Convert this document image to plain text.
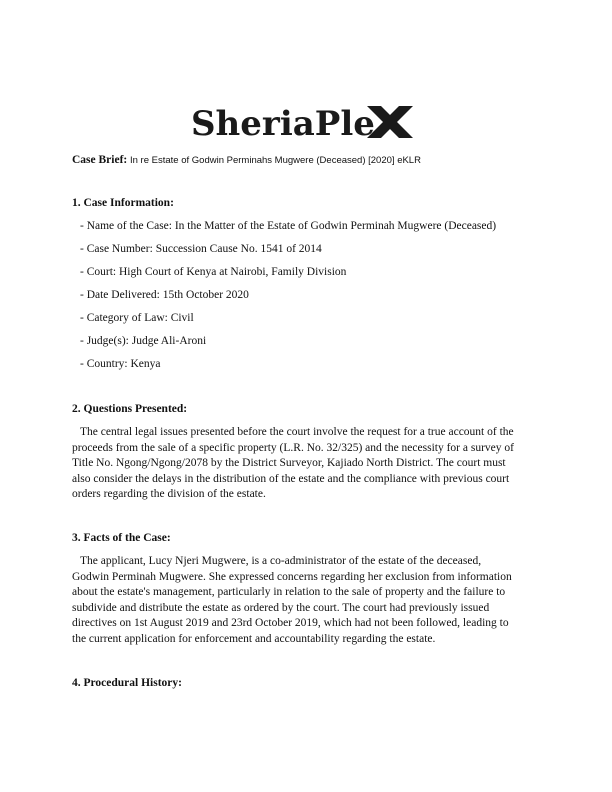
SheriaPle
Case Brief: In re Estate of Godwin Perminahs Mugwere (Deceased) [2020] eKLR
1. Case Information:
- Name of the Case: In the Matter of the Estate of Godwin Perminah Mugwere (Deceased)
- Case Number: Succession Cause No. 1541 of 2014
- Court: High Court of Kenya at Nairobi, Family Division
- Date Delivered: 15th October 2020
- Category of Law: Civil
- Judge(s): Judge Ali-Aroni
- Country: Kenya
2. Questions Presented:
The central legal issues presented before the court involve the request for a true account of the
proceeds from the sale of a specific property (L.R. No. 32/325) and the necessity for a survey of
Title No. Ngong/Ngong/2078 by the District Surveyor, Kajiado North District. The court must
also consider the delays in the distribution of the estate and the compliance with previous court
orders regarding the division of the estate.
3. Facts of the Case:
The applicant, Lucy Njeri Mugwere, is a co-administrator of the estate of the deceased,
Godwin Perminah Mugwere. She expressed concerns regarding her exclusion from information
about the estate's management, particularly in relation to the sale of property and the failure to
subdivide and distribute the estate as ordered by the court. The court had previously issued
directives on 1st August 2019 and 23rd October 2019, which had not been followed, leading to
the current application for enforcement and accountability regarding the estate.
4. Procedural History:
